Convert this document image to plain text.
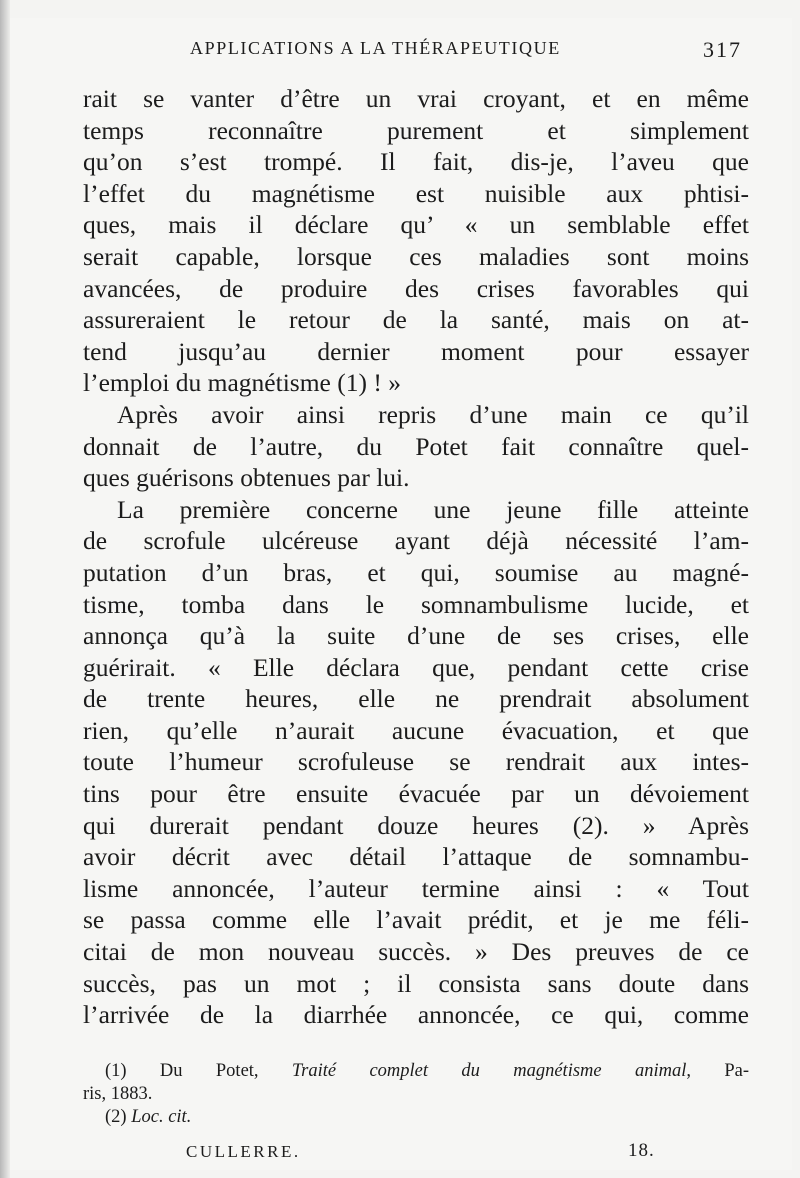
APPLICATIONS A LA THÉRAPEUTIQUE	317
rait se vanter d’être un vrai croyant, et en même
temps reconnaître purement et simplement
qu’on s’est trompé. Il fait, dis-je, l’aveu que
l’effet du magnétisme est nuisible aux phtisi-
ques, mais il déclare qu’ « un semblable effet
serait capable, lorsque ces maladies sont moins
avancées, de produire des crises favorables qui
assureraient le retour de la santé, mais on at-
tend jusqu’au dernier moment pour essayer
l’emploi du magnétisme (1) ! »
Après avoir ainsi repris d’une main ce qu’il
donnait de l’autre, du Potet fait connaître quel-
ques guérisons obtenues par lui.
La première concerne une jeune fille atteinte
de scrofule ulcéreuse ayant déjà nécessité l’am-
putation d’un bras, et qui, soumise au magné-
tisme, tomba dans le somnambulisme lucide, et
annonça qu’à la suite d’une de ses crises, elle
guérirait. « Elle déclara que, pendant cette crise
de trente heures, elle ne prendrait absolument
rien, qu’elle n’aurait aucune évacuation, et que
toute l’humeur scrofuleuse se rendrait aux intes-
tins pour être ensuite évacuée par un dévoiement
qui durerait pendant douze heures (2). » Après
avoir décrit avec détail l’attaque de somnambu-
lisme annoncée, l’auteur termine ainsi : « Tout
se passa comme elle l’avait prédit, et je me féli-
citai de mon nouveau succès. » Des preuves de ce
succès, pas un mot ; il consista sans doute dans
l’arrivée de la diarrhée annoncée, ce qui, comme
(1) Du Potet, Traité complet du magnétisme animal, Pa-
ris, 1883.
(2) Loc. cit.
CULLERRE.	18.
